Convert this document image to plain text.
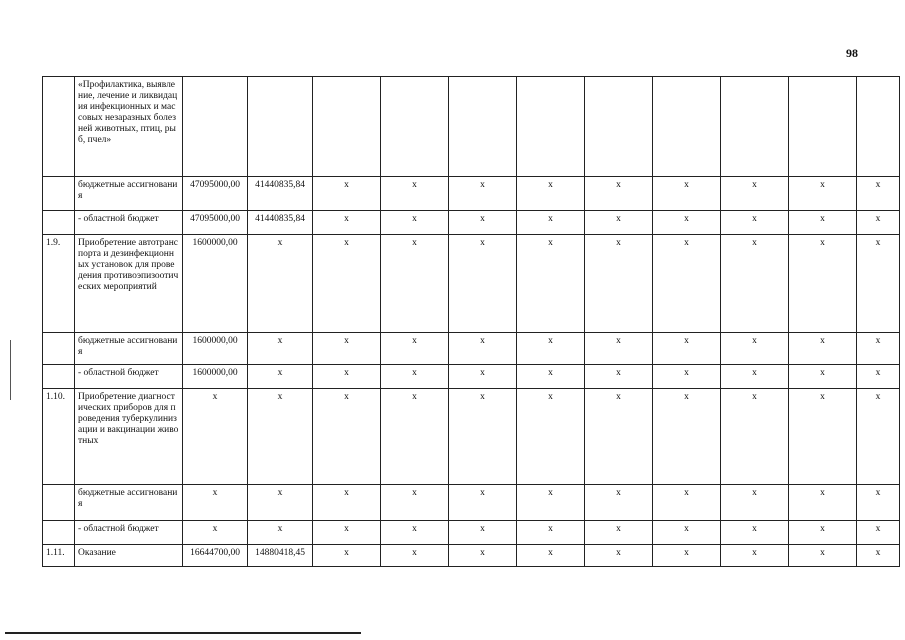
98
	«Профилактика, выявление, лечение и ликвидация инфекционных и массовых незаразных болезней животных, птиц, рыб, пчел»											
	бюджетные ассигнования	47095000,00	41440835,84	х	х	х	х	х	х	х	х	х
	- областной бюджет	47095000,00	41440835,84	х	х	х	х	х	х	х	х	х
1.9.	Приобретение автотранспорта и дезинфекционных установок для проведения противоэпизоотических мероприятий	1600000,00	х	х	х	х	х	х	х	х	х	х
	бюджетные ассигнования	1600000,00	х	х	х	х	х	х	х	х	х	х
	- областной бюджет	1600000,00	х	х	х	х	х	х	х	х	х	х
1.10.	Приобретение диагностических приборов для проведения туберкулинизации и вакцинации животных	х	х	х	х	х	х	х	х	х	х	х
	бюджетные ассигнования	х	х	х	х	х	х	х	х	х	х	х
	- областной бюджет	х	х	х	х	х	х	х	х	х	х	х
1.11.	Оказание	16644700,00	14880418,45	х	х	х	х	х	х	х	х	х
